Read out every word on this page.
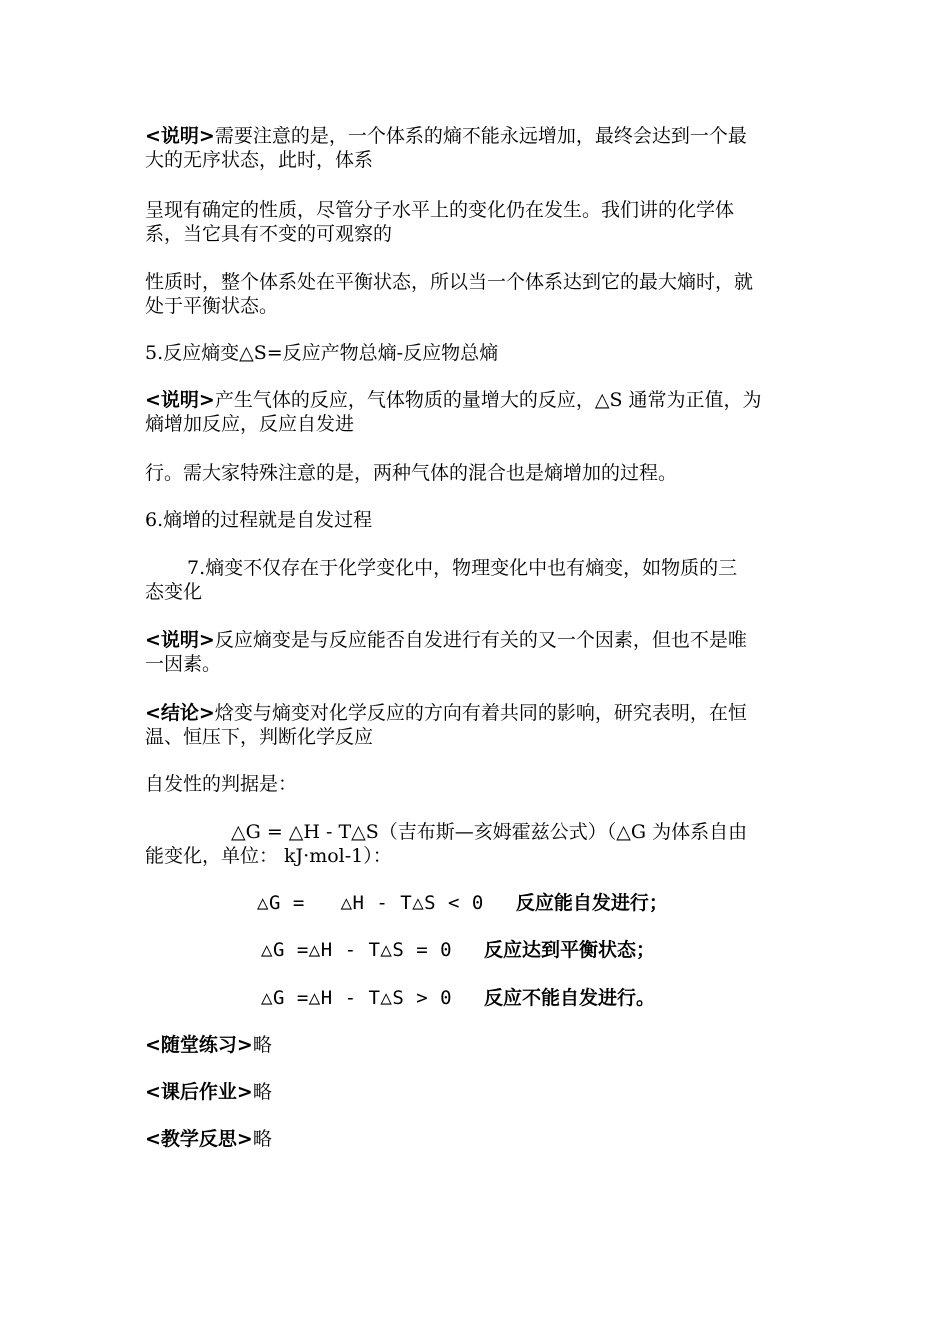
<说明>需要注意的是，一个体系的熵不能永远增加，最终会达到一个最
大的无序状态，此时，体系
呈现有确定的性质，尽管分子水平上的变化仍在发生。我们讲的化学体
系，当它具有不变的可观察的
性质时，整个体系处在平衡状态，所以当一个体系达到它的最大熵时，就
处于平衡状态。
5.反应熵变△S=反应产物总熵-反应物总熵
<说明>产生气体的反应，气体物质的量增大的反应，△S 通常为正值，为
熵增加反应，反应自发进
行。需大家特殊注意的是，两种气体的混合也是熵增加的过程。
6.熵增的过程就是自发过程
7.熵变不仅存在于化学变化中，物理变化中也有熵变，如物质的三
态变化
<说明>反应熵变是与反应能否自发进行有关的又一个因素，但也不是唯
一因素。
<结论>焓变与熵变对化学反应的方向有着共同的影响，研究表明，在恒
温、恒压下，判断化学反应
自发性的判据是：
△G = △H - T△S（吉布斯—亥姆霍兹公式）（△G 为体系自由
能变化，单位： kJ·mol-1）：
△G =   △H - T△S < 0 反应能自发进行；
△G =△H - T△S = 0 反应达到平衡状态；
△G =△H - T△S > 0 反应不能自发进行。
<随堂练习>略
<课后作业>略
<教学反思>略
